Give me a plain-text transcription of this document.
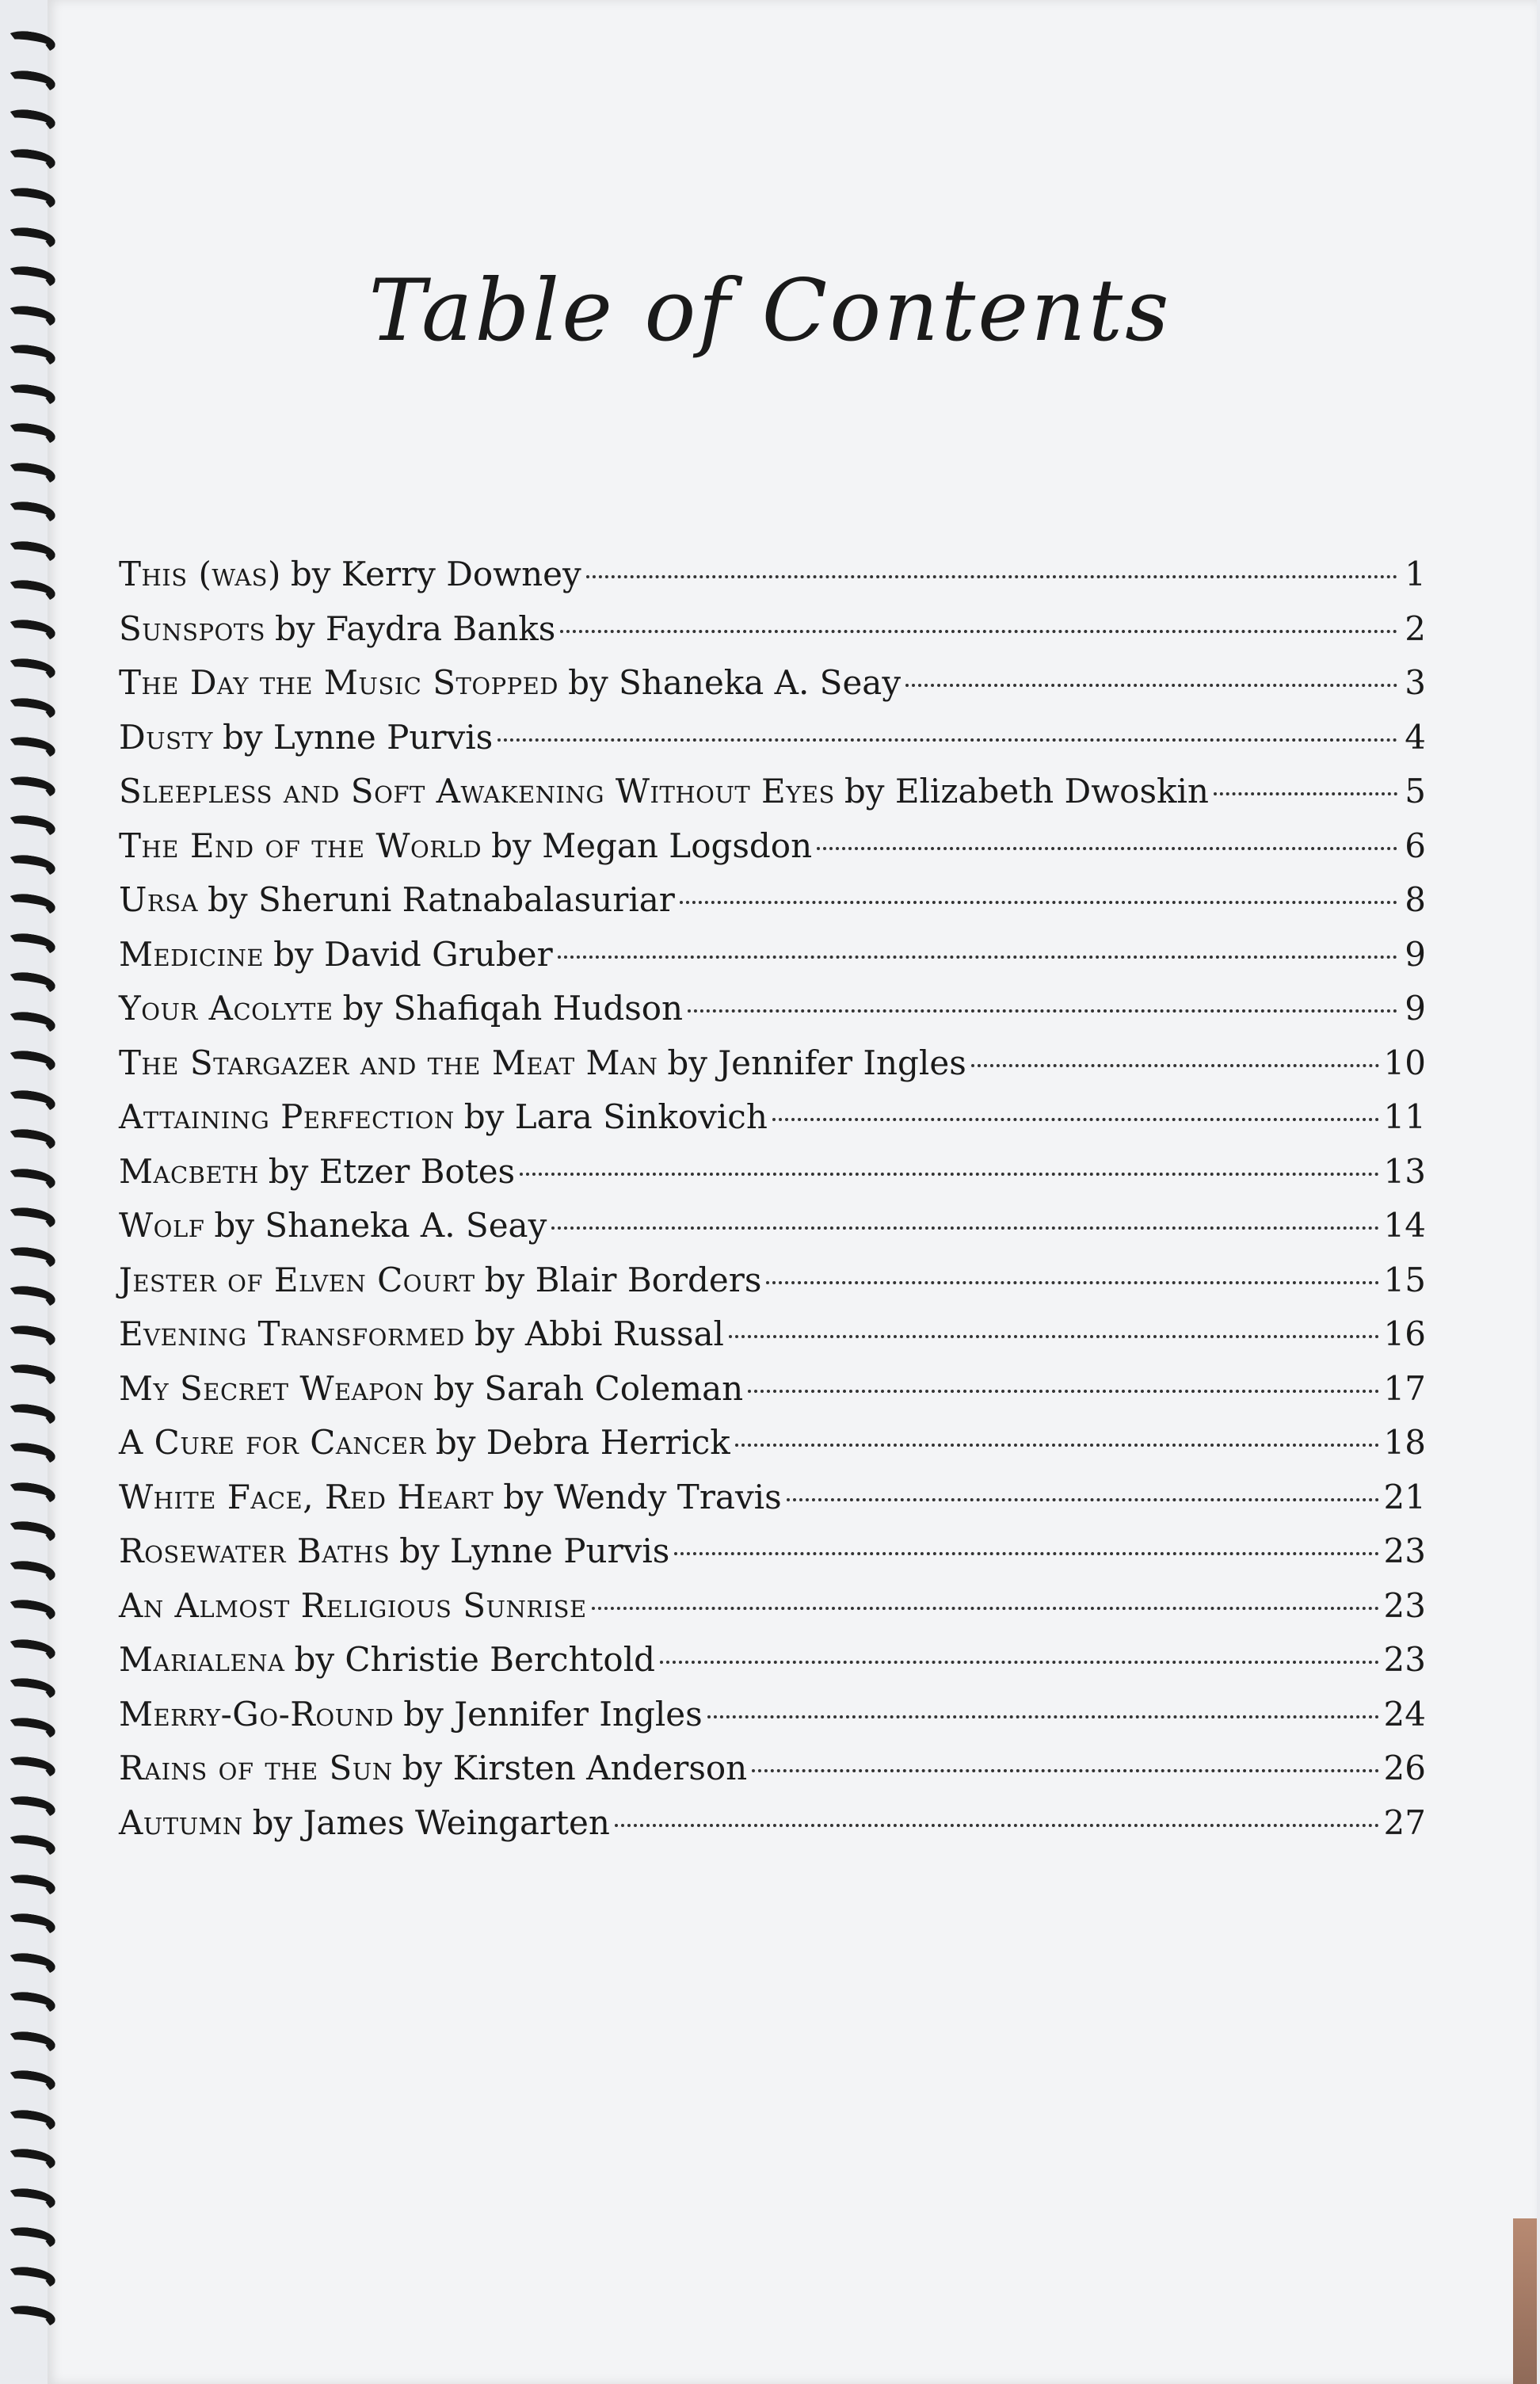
Table of Contents
This (was) by Kerry Downey	1
Sunspots by Faydra Banks	2
The Day the Music Stopped by Shaneka A. Seay	3
Dusty by Lynne Purvis	4
Sleepless and Soft Awakening Without Eyes by Elizabeth Dwoskin	5
The End of the World by Megan Logsdon	6
Ursa by Sheruni Ratnabalasuriar	8
Medicine by David Gruber	9
Your Acolyte by Shafiqah Hudson	9
The Stargazer and the Meat Man by Jennifer Ingles	10
Attaining Perfection by Lara Sinkovich	11
Macbeth by Etzer Botes	13
Wolf by Shaneka A. Seay	14
Jester of Elven Court by Blair Borders	15
Evening Transformed by Abbi Russal	16
My Secret Weapon by Sarah Coleman	17
A Cure for Cancer by Debra Herrick	18
White Face, Red Heart by Wendy Travis	21
Rosewater Baths by Lynne Purvis	23
An Almost Religious Sunrise	23
Marialena by Christie Berchtold	23
Merry-Go-Round by Jennifer Ingles	24
Rains of the Sun by Kirsten Anderson	26
Autumn by James Weingarten	27
